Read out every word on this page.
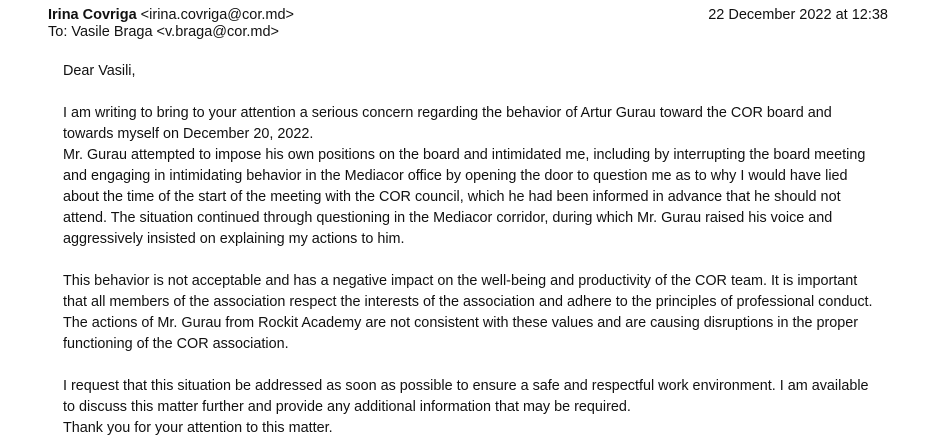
Irina Covriga <irina.covriga@cor.md>
To: Vasile Braga <v.braga@cor.md>
22 December 2022 at 12:38

Dear Vasili,

I am writing to bring to your attention a serious concern regarding the behavior of Artur Gurau toward the COR board and towards myself on December 20, 2022.

Mr. Gurau attempted to impose his own positions on the board and intimidated me, including by interrupting the board meeting and engaging in intimidating behavior in the Mediacor office by opening the door to question me as to why I would have lied about the time of the start of the meeting with the COR council, which he had been informed in advance that he should not attend. The situation continued through questioning in the Mediacor corridor, during which Mr. Gurau raised his voice and aggressively insisted on explaining my actions to him.

This behavior is not acceptable and has a negative impact on the well-being and productivity of the COR team. It is important that all members of the association respect the interests of the association and adhere to the principles of professional conduct. The actions of Mr. Gurau from Rockit Academy are not consistent with these values and are causing disruptions in the proper functioning of the COR association.

I request that this situation be addressed as soon as possible to ensure a safe and respectful work environment. I am available to discuss this matter further and provide any additional information that may be required.

Thank you for your attention to this matter.
